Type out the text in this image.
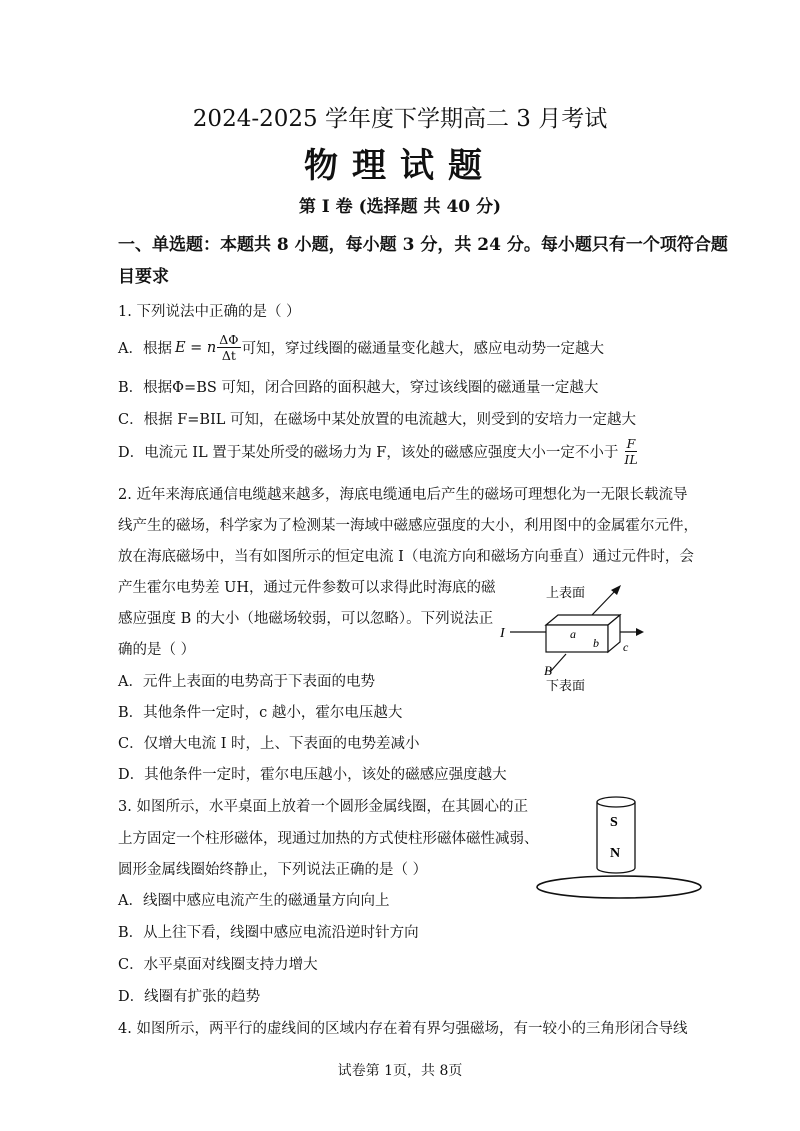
2024-2025 学年度下学期高二 3 月考试
物理试题
第 I 卷 (选择题 共 40 分)
一、单选题：本题共 8 小题，每小题 3 分，共 24 分。每小题只有一个项符合题
目要求
1. 下列说法中正确的是（ ）
A．根据 E = n $\frac{\Delta\Phi}{\Delta t}$ 可知，穿过线圈的磁通量变化越大，感应电动势一定越大
B．根据Φ=BS 可知，闭合回路的面积越大，穿过该线圈的磁通量一定越大
C．根据 F=BIL 可知，在磁场中某处放置的电流越大，则受到的安培力一定越大
D．电流元 IL 置于某处所受的磁场力为 F，该处的磁感应强度大小一定不小于 $\frac{F}{IL}$
2. 近年来海底通信电缆越来越多，海底电缆通电后产生的磁场可理想化为一无限长载流导
线产生的磁场，科学家为了检测某一海域中磁感应强度的大小，利用图中的金属霍尔元件，
放在海底磁场中，当有如图所示的恒定电流 I（电流方向和磁场方向垂直）通过元件时，会
产生霍尔电势差 UH，通过元件参数可以求得此时海底的磁
感应强度 B 的大小（地磁场较弱，可以忽略）。下列说法正
确的是（ ）
A．元件上表面的电势高于下表面的电势
B．其他条件一定时，c 越小，霍尔电压越大
C．仅增大电流 I 时，上、下表面的电势差减小
D．其他条件一定时，霍尔电压越小，该处的磁感应强度越大
上表面
I	a
b c
B
下表面
3. 如图所示，水平桌面上放着一个圆形金属线圈，在其圆心的正
上方固定一个柱形磁体，现通过加热的方式使柱形磁体磁性减弱、
圆形金属线圈始终静止，下列说法正确的是（ ）
A．线圈中感应电流产生的磁通量方向向上
B．从上往下看，线圈中感应电流沿逆时针方向
C．水平桌面对线圈支持力增大
D．线圈有扩张的趋势
S
N
4. 如图所示，两平行的虚线间的区域内存在着有界匀强磁场，有一较小的三角形闭合导线
试卷第 1页，共 8页
